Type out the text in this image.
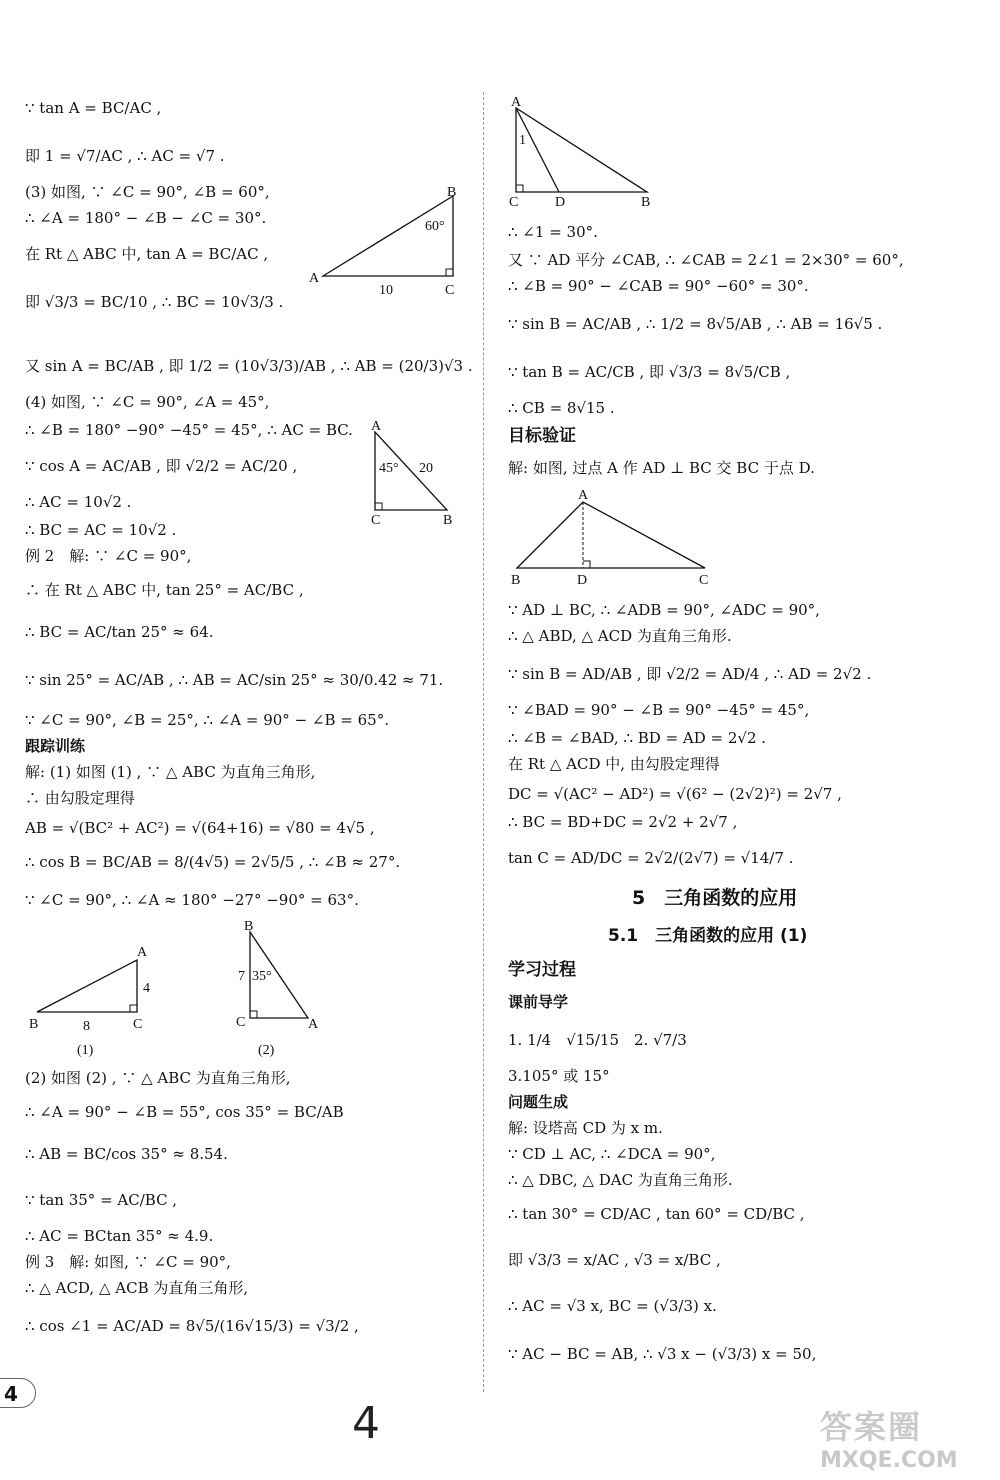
∵ tan A = BC/AC ,
即 1 = √7/AC , ∴ AC = √7 .
(3) 如图, ∵ ∠C = 90°, ∠B = 60°,
∴ ∠A = 180° − ∠B − ∠C = 30°.
在 Rt △ ABC 中, tan A = BC/AC ,
即 √3/3 = BC/10 , ∴ BC = 10√3/3 .
又 sin A = BC/AB , 即 1/2 = (10√3/3)/AB , ∴ AB = (20/3)√3 .
(4) 如图, ∵ ∠C = 90°, ∠A = 45°,
∴ ∠B = 180° −90° −45° = 45°, ∴ AC = BC.
∵ cos A = AC/AB , 即 √2/2 = AC/20 ,
∴ AC = 10√2 .
∴ BC = AC = 10√2 .
例 2　解: ∵ ∠C = 90°,
∴ 在 Rt △ ABC 中, tan 25° = AC/BC ,
∴ BC = AC/tan 25° ≈ 64.
∵ sin 25° = AC/AB , ∴ AB = AC/sin 25° ≈ 30/0.42 ≈ 71.
∵ ∠C = 90°, ∠B = 25°, ∴ ∠A = 90° − ∠B = 65°.
跟踪训练
解: (1) 如图 (1) , ∵ △ ABC 为直角三角形,
∴ 由勾股定理得
AB = √(BC² + AC²) = √(64+16) = √80 = 4√5 ,
∴ cos B = BC/AB = 8/(4√5) = 2√5/5 , ∴ ∠B ≈ 27°.
∵ ∠C = 90°, ∴ ∠A ≈ 180° −27° −90° = 63°.
(2) 如图 (2) , ∵ △ ABC 为直角三角形,
∴ ∠A = 90° − ∠B = 55°, cos 35° = BC/AB
∴ AB = BC/cos 35° ≈ 8.54.
∵ tan 35° = AC/BC ,
∴ AC = BCtan 35° ≈ 4.9.
例 3　解: 如图, ∵ ∠C = 90°,
∴ △ ACD, △ ACB 为直角三角形,
∴ cos ∠1 = AC/AD = 8√5/(16√15/3) = √3/2 ,
∴ ∠1 = 30°.
又 ∵ AD 平分 ∠CAB, ∴ ∠CAB = 2∠1 = 2×30° = 60°,
∴ ∠B = 90° − ∠CAB = 90° −60° = 30°.
∵ sin B = AC/AB , ∴ 1/2 = 8√5/AB , ∴ AB = 16√5 .
∵ tan B = AC/CB , 即 √3/3 = 8√5/CB ,
∴ CB = 8√15 .
目标验证
解: 如图, 过点 A 作 AD ⊥ BC 交 BC 于点 D.
∵ AD ⊥ BC, ∴ ∠ADB = 90°, ∠ADC = 90°,
∴ △ ABD, △ ACD 为直角三角形.
∵ sin B = AD/AB , 即 √2/2 = AD/4 , ∴ AD = 2√2 .
∵ ∠BAD = 90° − ∠B = 90° −45° = 45°,
∴ ∠B = ∠BAD, ∴ BD = AD = 2√2 .
在 Rt △ ACD 中, 由勾股定理得
DC = √(AC² − AD²) = √(6² − (2√2)²) = 2√7 ,
∴ BC = BD+DC = 2√2 + 2√7 ,
tan C = AD/DC = 2√2/(2√7) = √14/7 .
5　三角函数的应用
5.1　三角函数的应用 (1)
学习过程
课前导学
1. 1/4　√15/15　2. √7/3
3.105° 或 15°
问题生成
解: 设塔高 CD 为 x m.
∵ CD ⊥ AC, ∴ ∠DCA = 90°,
∴ △ DBC, △ DAC 为直角三角形.
∴ tan 30° = CD/AC , tan 60° = CD/BC ,
即 √3/3 = x/AC , √3 = x/BC ,
∴ AC = √3 x, BC = (√3/3) x.
∵ AC − BC = AB, ∴ √3 x − (√3/3) x = 50,
A
B
C
60°
10
A
B
C
45° 20
A
B	C
4
8
(1)
B
A
C
7 35°
(2)
A
C	D	B
1
A
B	D	C
4
4	答案圈
MXQE.COM
